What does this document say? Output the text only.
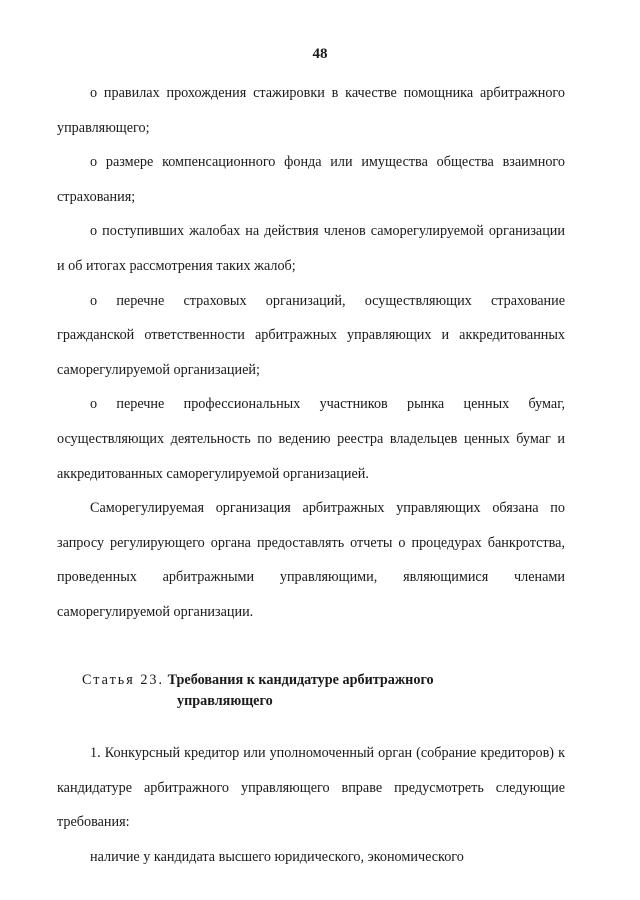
48

о правилах прохождения стажировки в качестве помощника арбитражного управляющего;

о размере компенсационного фонда или имущества общества взаимного страхования;

о поступивших жалобах на действия членов саморегулируемой организации и об итогах рассмотрения таких жалоб;

о перечне страховых организаций, осуществляющих страхование гражданской ответственности арбитражных управляющих и аккредитованных саморегулируемой организацией;

о перечне профессиональных участников рынка ценных бумаг, осуществляющих деятельность по ведению реестра владельцев ценных бумаг и аккредитованных саморегулируемой организацией.

Саморегулируемая организация арбитражных управляющих обязана по запросу регулирующего органа предоставлять отчеты о процедурах банкротства, проведенных арбитражными управляющими, являющимися членами саморегулируемой организации.

Статья 23. Требования к кандидатуре арбитражного
управляющего

1. Конкурсный кредитор или уполномоченный орган (собрание кредиторов) к кандидатуре арбитражного управляющего вправе предусмотреть следующие требования:

наличие у кандидата высшего юридического, экономического
